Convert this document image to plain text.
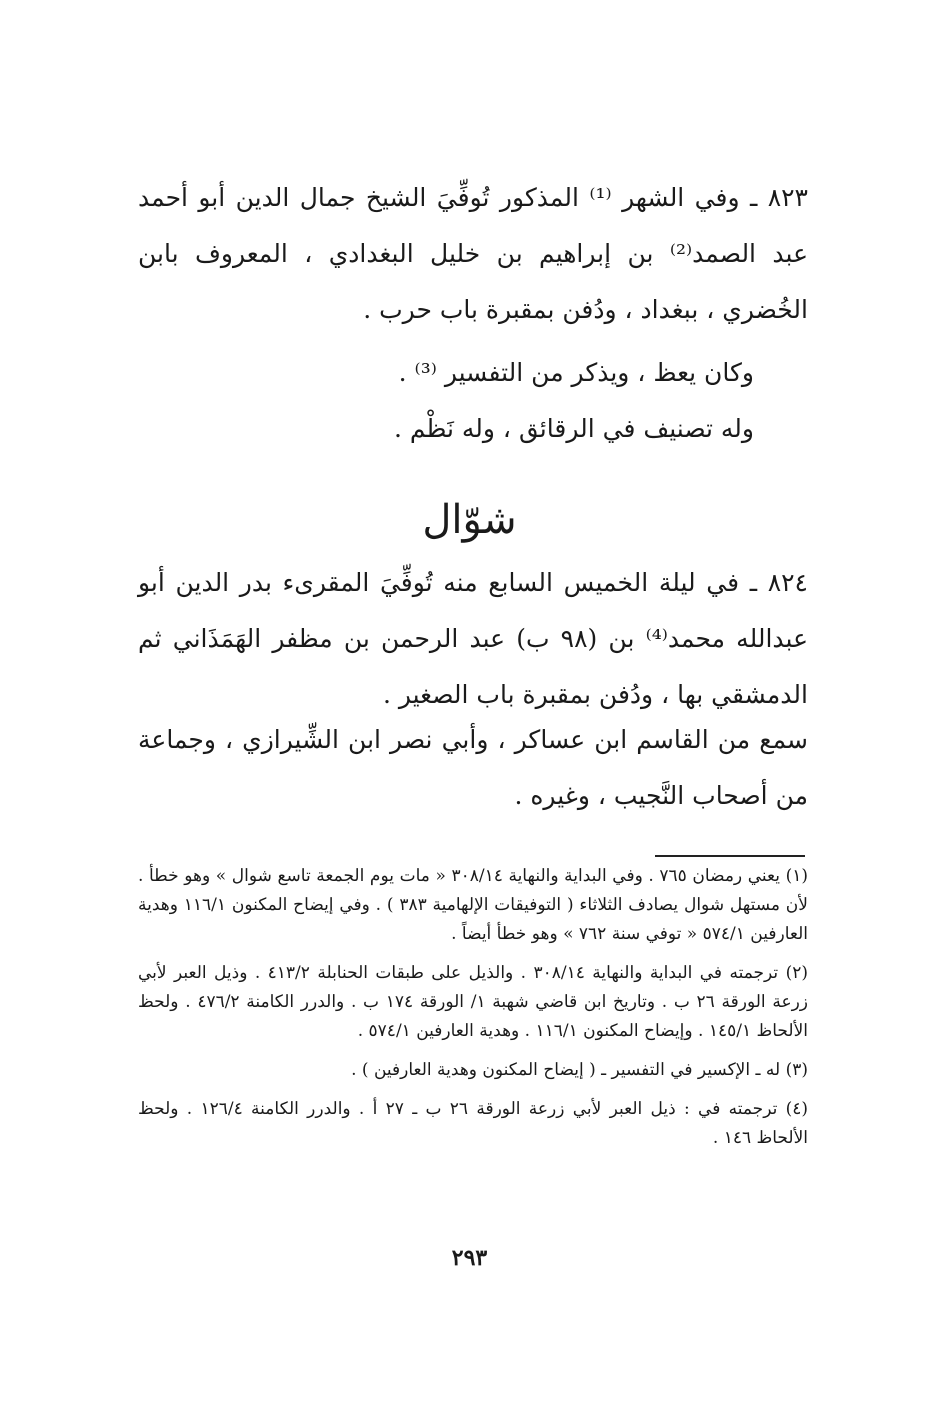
٨٢٣ ـ وفي الشهر ⁽¹⁾ المذكور تُوفِّيَ الشيخ جمال الدين أبو أحمد عبد الصمد⁽²⁾ بن إبراهيم بن خليل البغدادي ، المعروف بابن الخُضري ، ببغداد ، ودُفن بمقبرة باب حرب .

وكان يعظ ، ويذكر من التفسير ⁽³⁾ .

وله تصنيف في الرقائق ، وله نَظْم .

شوّال

٨٢٤ ـ في ليلة الخميس السابع منه تُوفِّيَ المقرىء بدر الدين أبو عبدالله محمد⁽⁴⁾ بن (٩٨ ب) عبد الرحمن بن مظفر الهَمَذَاني ثم الدمشقي بها ، ودُفن بمقبرة باب الصغير .

سمع من القاسم ابن عساكر ، وأبي نصر ابن الشِّيرازي ، وجماعة من أصحاب النَّجيب ، وغيره .

(١) يعني رمضان ٧٦٥ . وفي البداية والنهاية ٣٠٨/١٤ « مات يوم الجمعة تاسع شوال » وهو خطأ . لأن مستهل شوال يصادف الثلاثاء ( التوفيقات الإلهامية ٣٨٣ ) . وفي إيضاح المكنون ١١٦/١ وهدية العارفين ٥٧٤/١ « توفي سنة ٧٦٢ » وهو خطأ أيضاً .

(٢) ترجمته في البداية والنهاية ٣٠٨/١٤ . والذيل على طبقات الحنابلة ٤١٣/٢ . وذيل العبر لأبي زرعة الورقة ٢٦ ب . وتاريخ ابن قاضي شهبة ١/ الورقة ١٧٤ ب . والدرر الكامنة ٤٧٦/٢ . ولحظ الألحاظ ١٤٥/١ . وإيضاح المكنون ١١٦/١ . وهدية العارفين ٥٧٤/١ .

(٣) له ـ الإكسير في التفسير ـ ( إيضاح المكنون وهدية العارفين ) .

(٤) ترجمته في : ذيل العبر لأبي زرعة الورقة ٢٦ ب ـ ٢٧ أ . والدرر الكامنة ١٢٦/٤ . ولحظ الألحاظ ١٤٦ .

٢٩٣
